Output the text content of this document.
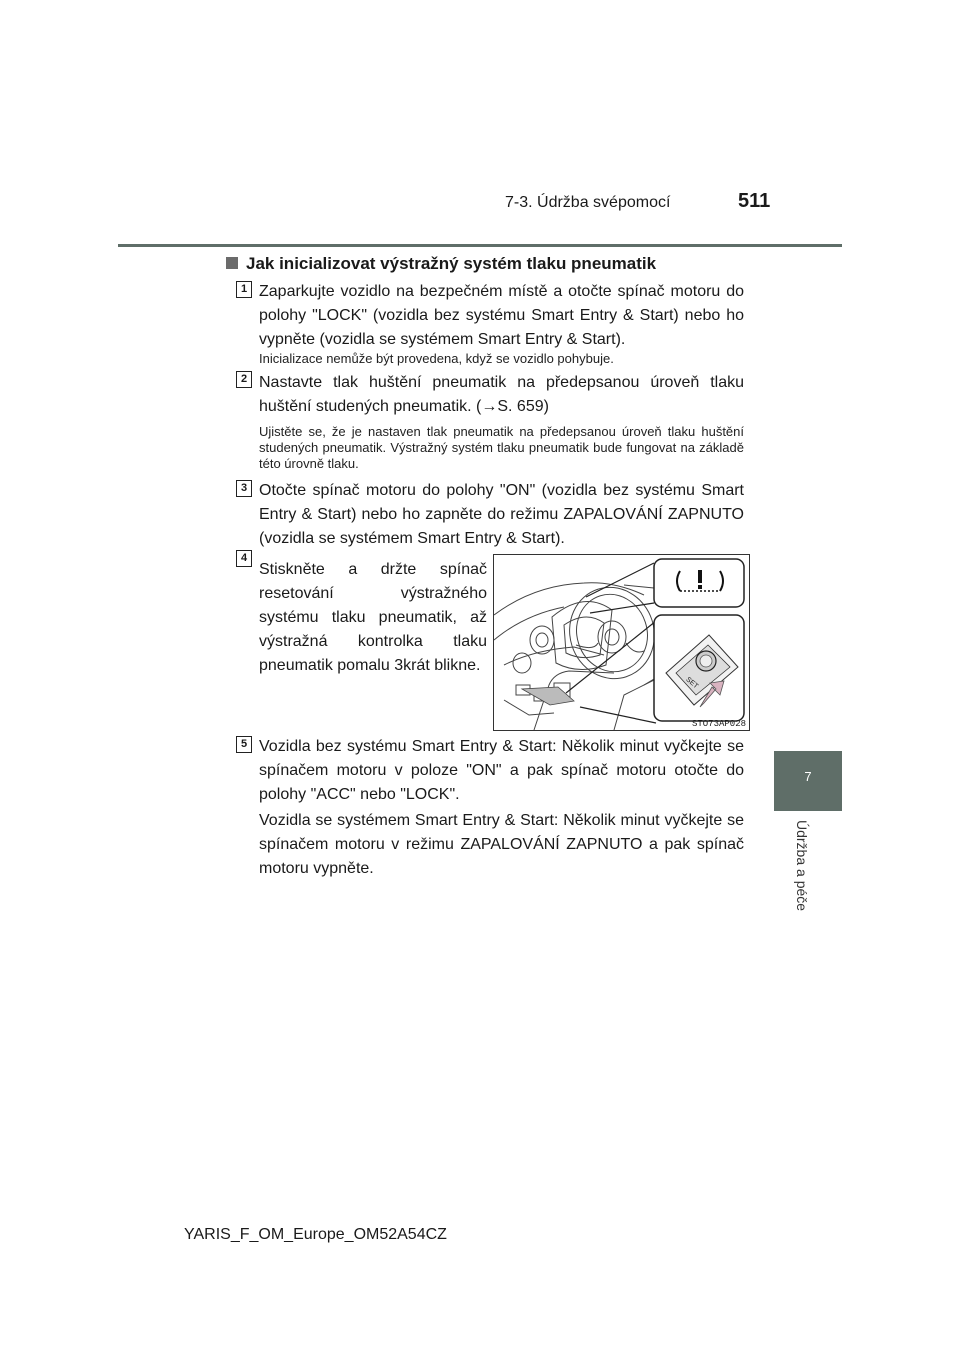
7-3. Údržba svépomocí	511
7
Údržba a péče
Jak inicializovat výstražný systém tlaku pneumatik
1 Zaparkujte vozidlo na bezpečném místě a otočte spínač motoru do polohy "LOCK" (vozidla bez systému Smart Entry & Start) nebo ho vypněte (vozidla se systémem Smart Entry & Start).
Inicializace nemůže být provedena, když se vozidlo pohybuje.
2 Nastavte tlak huštění pneumatik na předepsanou úroveň tlaku huštění studených pneumatik. (→S. 659)
Ujistěte se, že je nastaven tlak pneumatik na předepsanou úroveň tlaku huštění studených pneumatik. Výstražný systém tlaku pneumatik bude fungovat na základě této úrovně tlaku.
3 Otočte spínač motoru do polohy "ON" (vozidla bez systému Smart Entry & Start) nebo ho zapněte do režimu ZAPALOVÁNÍ ZAPNUTO (vozidla se systémem Smart Entry & Start).
4
Stiskněte a držte spínač resetování výstražného systému tlaku pneumatik, až výstražná kontrolka tlaku pneumatik pomalu 3krát blikne.
SET
STO73AP028
5 Vozidla bez systému Smart Entry & Start: Několik minut vyčkejte se spínačem motoru v poloze "ON" a pak spínač motoru otočte do polohy "ACC" nebo "LOCK".
Vozidla se systémem Smart Entry & Start: Několik minut vyčkejte se spínačem motoru v režimu ZAPALOVÁNÍ ZAPNUTO a pak spínač motoru vypněte.
YARIS_F_OM_Europe_OM52A54CZ
